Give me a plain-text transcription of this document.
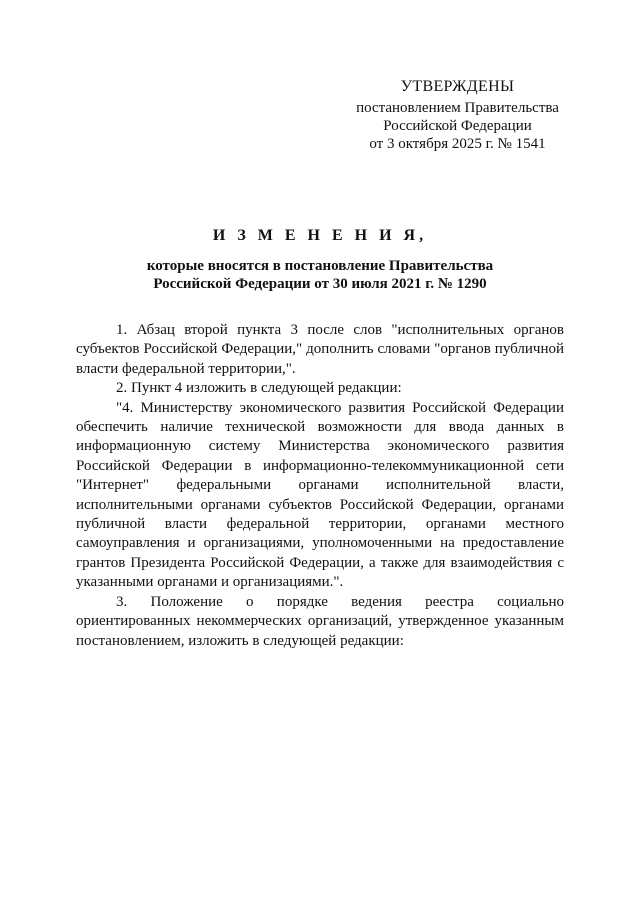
УТВЕРЖДЕНЫ
постановлением Правительства
Российской Федерации
от 3 октября 2025 г. № 1541
И З М Е Н Е Н И Я,
которые вносятся в постановление Правительства
Российской Федерации от 30 июля 2021 г. № 1290

1. Абзац второй пункта 3 после слов "исполнительных органов субъектов Российской Федерации," дополнить словами "органов публичной власти федеральной территории,".

2. Пункт 4 изложить в следующей редакции:

"4. Министерству экономического развития Российской Федерации обеспечить наличие технической возможности для ввода данных в информационную систему Министерства экономического развития Российской Федерации в информационно-телекоммуникационной сети "Интернет" федеральными органами исполнительной власти, исполнительными органами субъектов Российской Федерации, органами публичной власти федеральной территории, органами местного самоуправления и организациями, уполномоченными на предоставление грантов Президента Российской Федерации, а также для взаимодействия с указанными органами и организациями.".

3. Положение о порядке ведения реестра социально ориентированных некоммерческих организаций, утвержденное указанным постановлением, изложить в следующей редакции:
